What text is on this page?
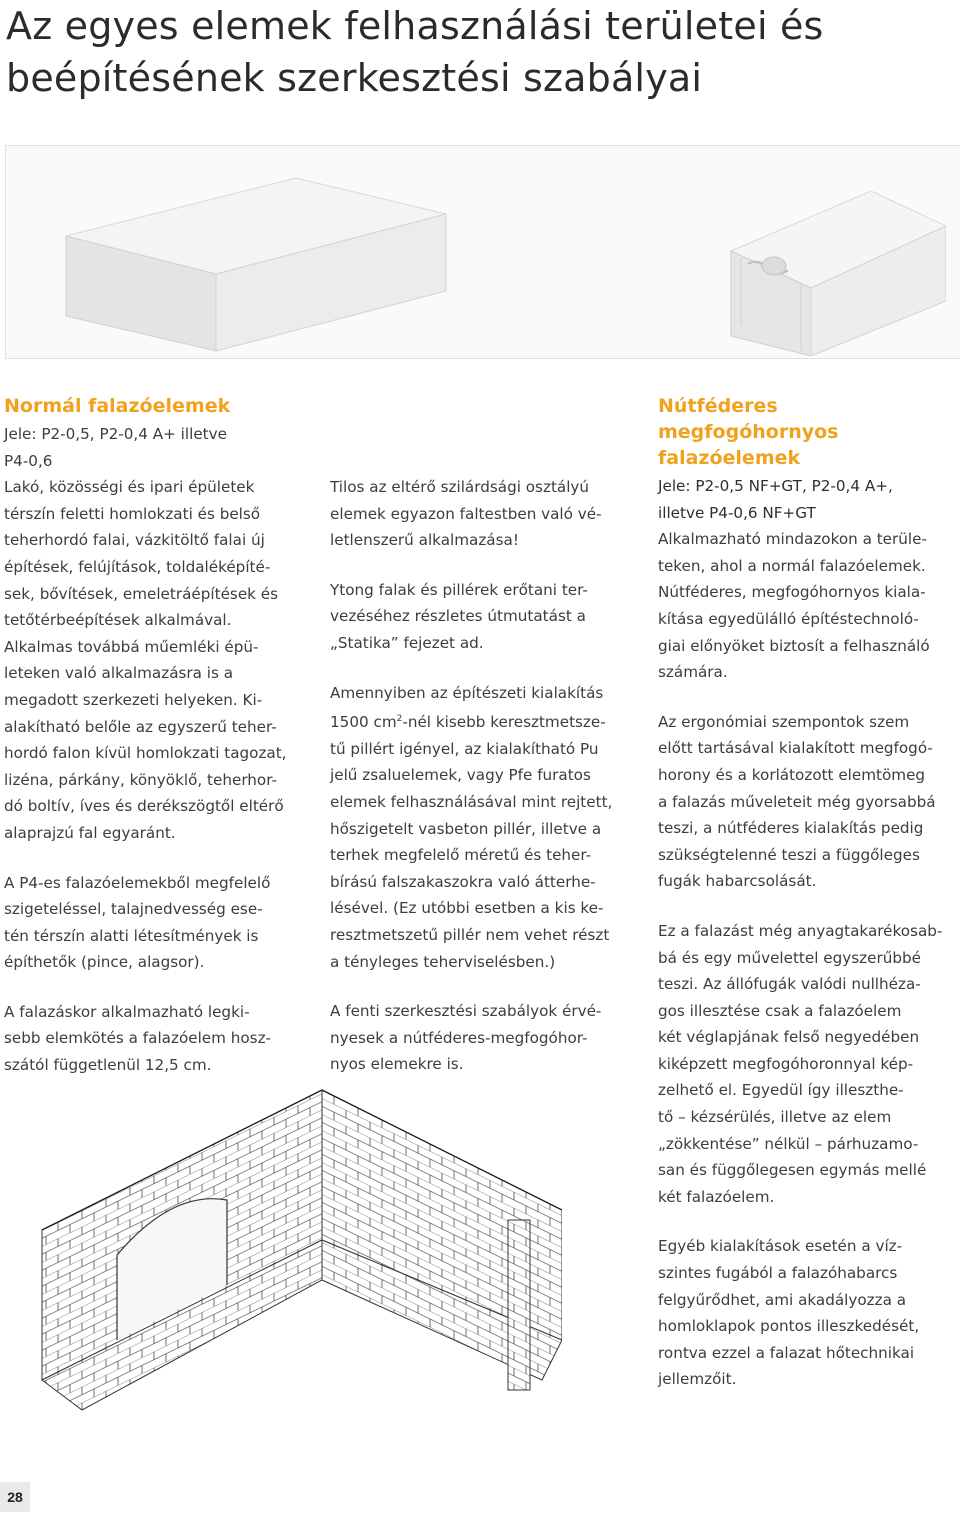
Az egyes elemek felhasználási területei és
beépítésének szerkesztési szabályai
Normál falazóelemek
Jele: P2-0,5, P2-0,4 A+ illetve
P4-0,6

Lakó, közösségi és ipari épületek
térszín feletti homlokzati és belső
teherhordó falai, vázkitöltő falai új
építések, felújítások, toldaléképíté-
sek, bővítések, emeletráépítések és
tetőtérbeépítések alkalmával.
Alkalmas továbbá műemléki épü-
leteken való alkalmazásra is a
megadott szerkezeti helyeken. Ki-
alakítható belőle az egyszerű teher-
hordó falon kívül homlokzati tagozat,
lizéna, párkány, könyöklő, teherhor-
dó boltív, íves és derékszögtől eltérő
alaprajzú fal egyaránt.

A P4-es falazóelemekből megfelelő
szigeteléssel, talajnedvesség ese-
tén térszín alatti létesítmények is
építhetők (pince, alagsor).

A falazáskor alkalmazható legki-
sebb elemkötés a falazóelem hosz-
szától függetlenül 12,5 cm.

Tilos az eltérő szilárdsági osztályú
elemek egyazon faltestben való vé-
letlenszerű alkalmazása!

Ytong falak és pillérek erőtani ter-
vezéséhez részletes útmutatást a
„Statika” fejezet ad.

Amennyiben az építészeti kialakítás
1500 $cm^2$-nél kisebb keresztmetsze-
tű pillért igényel, az kialakítható Pu
jelű zsaluelemek, vagy Pfe furatos
elemek felhasználásával mint rejtett,
hőszigetelt vasbeton pillér, illetve a
terhek megfelelő méretű és teher-
bírású falszakaszokra való átterhe-
lésével. (Ez utóbbi esetben a kis ke-
resztmetszetű pillér nem vehet részt
a tényleges teherviselésben.)

A fenti szerkesztési szabályok érvé-
nyesek a nútféderes-megfogóhor-
nyos elemekre is.

Nútféderes megfogóhornyos
falazóelemek
Jele: P2-0,5 NF+GT, P2-0,4 A+,
illetve P4-0,6 NF+GT

Alkalmazható mindazokon a terüle-
teken, ahol a normál falazóelemek.
Nútféderes, megfogóhornyos kiala-
kítása egyedülálló építéstechnoló-
giai előnyöket biztosít a felhasználó
számára.

Az ergonómiai szempontok szem
előtt tartásával kialakított megfogó-
horony és a korlátozott elemtömeg
a falazás műveleteit még gyorsabbá
teszi, a nútféderes kialakítás pedig
szükségtelenné teszi a függőleges
fugák habarcsolását.

Ez a falazást még anyagtakarékosab-
bá és egy művelettel egyszerűbbé
teszi. Az állófugák valódi nullhéza-
gos illesztése csak a falazóelem
két véglapjának felső negyedében
kiképzett megfogóhoronnyal kép-
zelhető el. Egyedül így illeszthe-
tő – kézsérülés, illetve az elem
„zökkentése” nélkül – párhuzamo-
san és függőlegesen egymás mellé
két falazóelem.

Egyéb kialakítások esetén a víz-
szintes fugából a falazóhabarcs
felgyűrődhet, ami akadályozza a
homloklapok pontos illeszkedését,
rontva ezzel a falazat hőtechnikai
jellemzőit.

28
